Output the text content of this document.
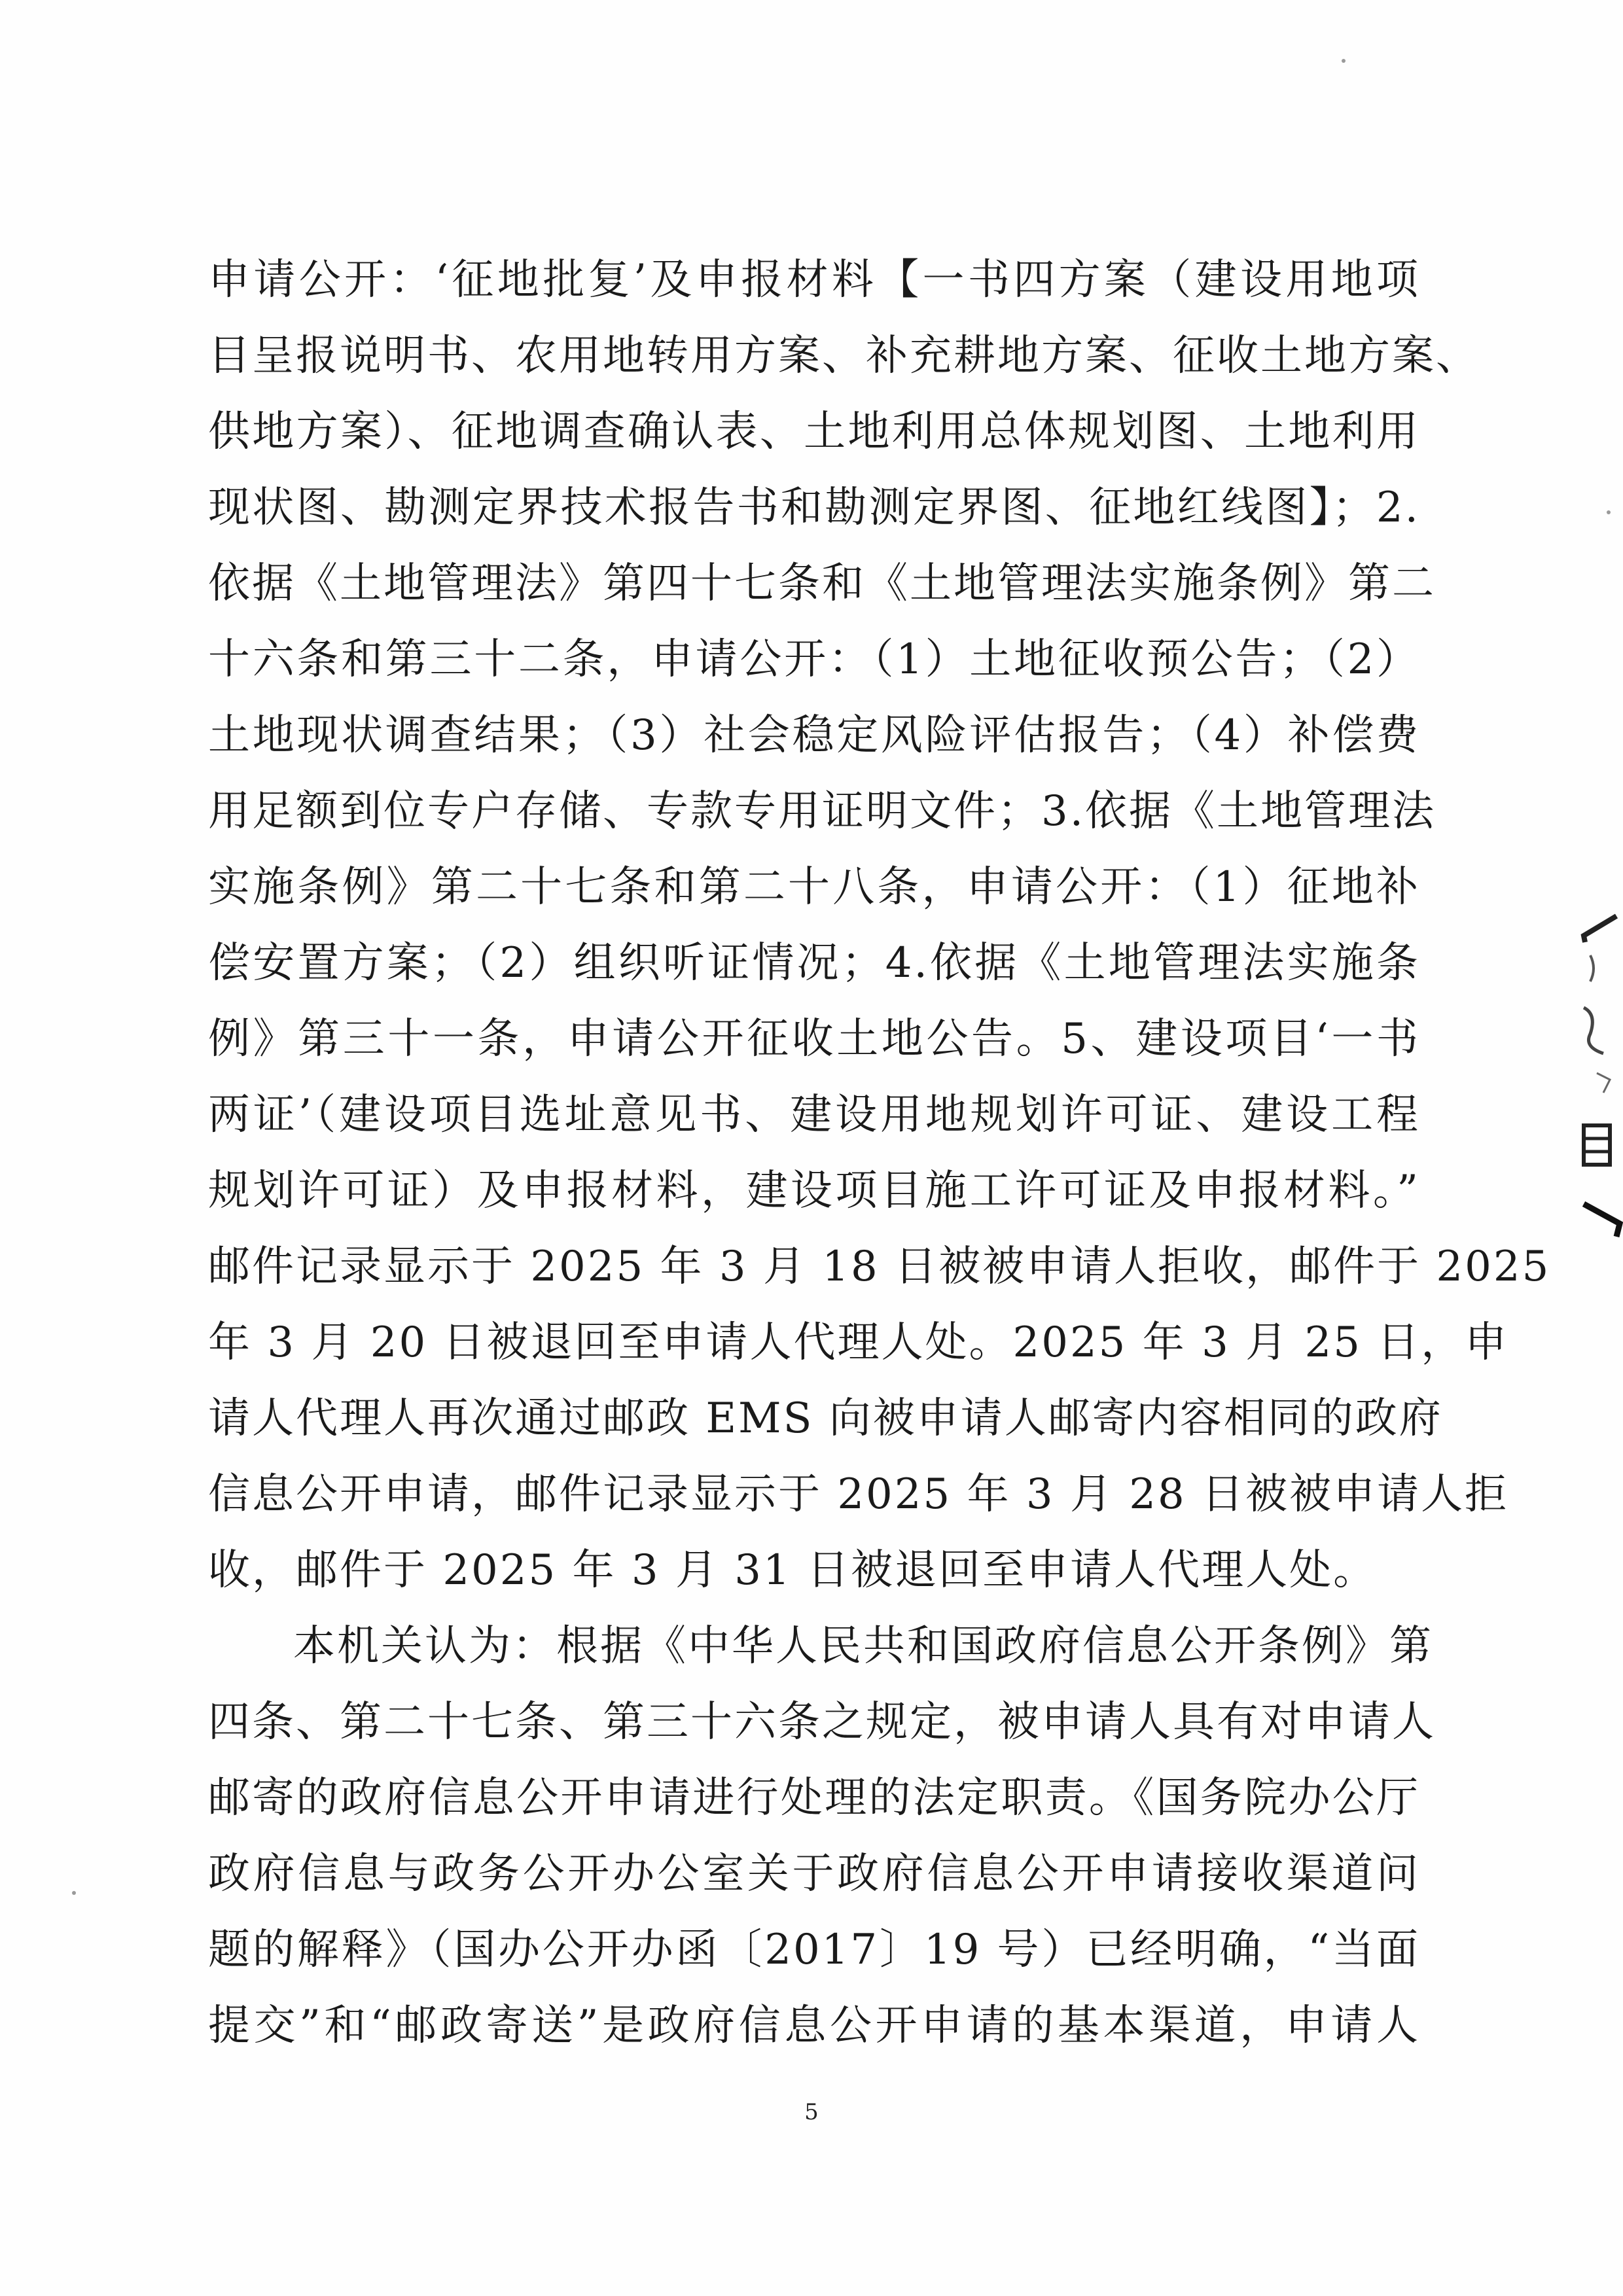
申请公开：‘征地批复’及申报材料【一书四方案（建设用地项
目呈报说明书、农用地转用方案、补充耕地方案、征收土地方案、
供地方案）、征地调查确认表、土地利用总体规划图、土地利用
现状图、勘测定界技术报告书和勘测定界图、征地红线图】；2.
依据《土地管理法》第四十七条和《土地管理法实施条例》第二
十六条和第三十二条，申请公开：（1）土地征收预公告；（2）
土地现状调查结果；（3）社会稳定风险评估报告；（4）补偿费
用足额到位专户存储、专款专用证明文件；3.依据《土地管理法
实施条例》第二十七条和第二十八条，申请公开：（1）征地补
偿安置方案；（2）组织听证情况；4.依据《土地管理法实施条
例》第三十一条，申请公开征收土地公告。5、建设项目‘一书
两证’（建设项目选址意见书、建设用地规划许可证、建设工程
规划许可证）及申报材料，建设项目施工许可证及申报材料。”
邮件记录显示于 2025 年 3 月 18 日被被申请人拒收，邮件于 2025
年 3 月 20 日被退回至申请人代理人处。2025 年 3 月 25 日，申
请人代理人再次通过邮政 EMS 向被申请人邮寄内容相同的政府
信息公开申请，邮件记录显示于 2025 年 3 月 28 日被被申请人拒
收，邮件于 2025 年 3 月 31 日被退回至申请人代理人处。
本机关认为：根据《中华人民共和国政府信息公开条例》第
四条、第二十七条、第三十六条之规定，被申请人具有对申请人
邮寄的政府信息公开申请进行处理的法定职责。《国务院办公厅
政府信息与政务公开办公室关于政府信息公开申请接收渠道问
题的解释》（国办公开办函〔2017〕19 号）已经明确，“当面
提交”和“邮政寄送”是政府信息公开申请的基本渠道，申请人
5
